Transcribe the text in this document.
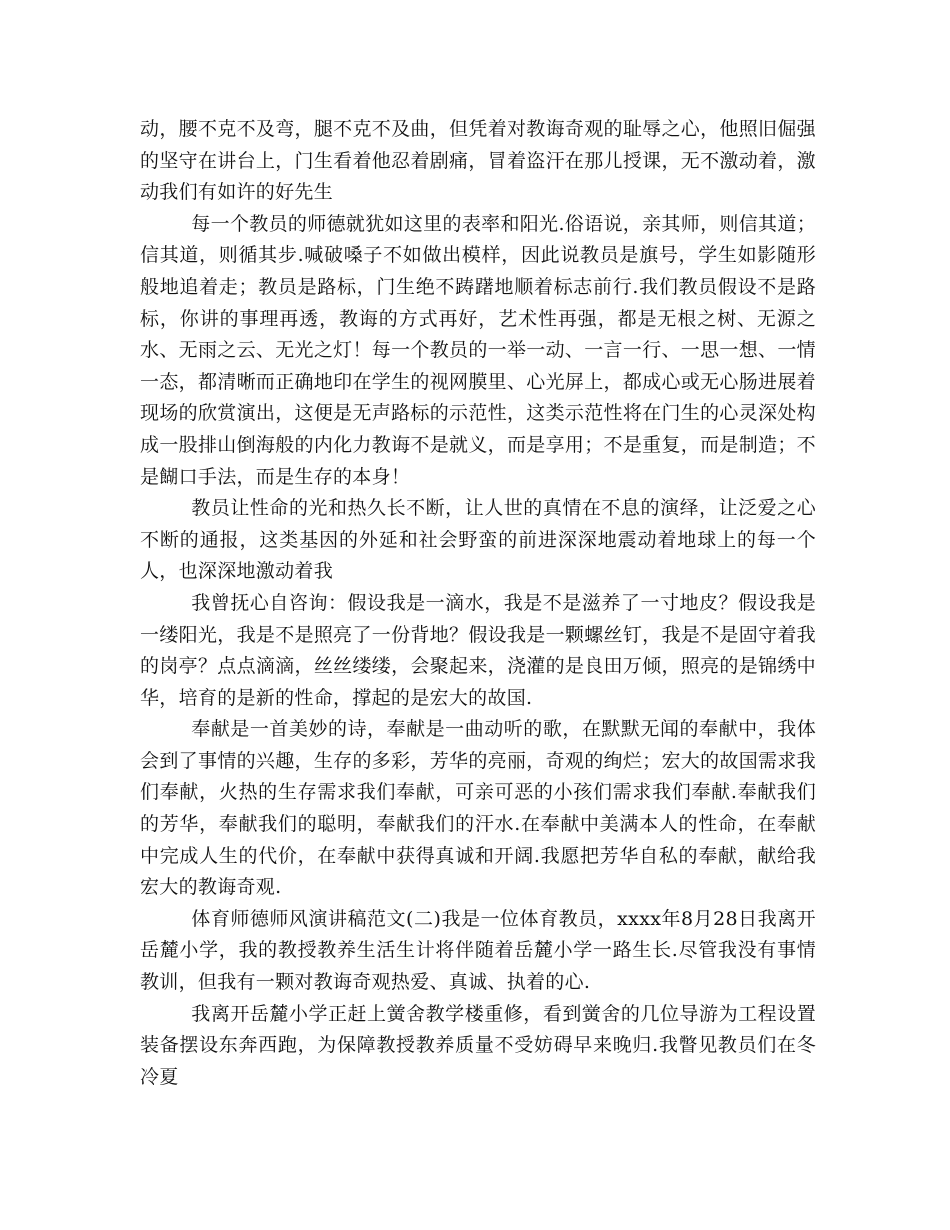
动，腰不克不及弯，腿不克不及曲，但凭着对教诲奇观的耻辱之心，他照旧倔强的坚守在讲台上，门生看着他忍着剧痛，冒着盗汗在那儿授课，无不激动着，激动我们有如许的好先生

每一个教员的师德就犹如这里的表率和阳光.俗语说，亲其师，则信其道；信其道，则循其步.喊破嗓子不如做出模样，因此说教员是旗号，学生如影随形般地追着走；教员是路标，门生绝不踌躇地顺着标志前行.我们教员假设不是路标，你讲的事理再透，教诲的方式再好，艺术性再强，都是无根之树、无源之水、无雨之云、无光之灯！每一个教员的一举一动、一言一行、一思一想、一情一态，都清晰而正确地印在学生的视网膜里、心光屏上，都成心或无心肠进展着现场的欣赏演出，这便是无声路标的示范性，这类示范性将在门生的心灵深处构成一股排山倒海般的内化力教诲不是就义，而是享用；不是重复，而是制造；不是餬口手法，而是生存的本身！

教员让性命的光和热久长不断，让人世的真情在不息的演绎，让泛爱之心不断的通报，这类基因的外延和社会野蛮的前进深深地震动着地球上的每一个人，也深深地激动着我

我曾抚心自咨询：假设我是一滴水，我是不是滋养了一寸地皮？假设我是一缕阳光，我是不是照亮了一份背地？假设我是一颗螺丝钉，我是不是固守着我的岗亭？点点滴滴，丝丝缕缕，会聚起来，浇灌的是良田万倾，照亮的是锦绣中华，培育的是新的性命，撑起的是宏大的故国.

奉献是一首美妙的诗，奉献是一曲动听的歌，在默默无闻的奉献中，我体会到了事情的兴趣，生存的多彩，芳华的亮丽，奇观的绚烂；宏大的故国需求我们奉献，火热的生存需求我们奉献，可亲可恶的小孩们需求我们奉献.奉献我们的芳华，奉献我们的聪明，奉献我们的汗水.在奉献中美满本人的性命，在奉献中完成人生的代价，在奉献中获得真诚和开阔.我愿把芳华自私的奉献，献给我宏大的教诲奇观.

体育师德师风演讲稿范文(二)我是一位体育教员，xxxx年8月28日我离开岳麓小学，我的教授教养生活生计将伴随着岳麓小学一路生长.尽管我没有事情教训，但我有一颗对教诲奇观热爱、真诚、执着的心.

我离开岳麓小学正赶上黉舍教学楼重修，看到黉舍的几位导游为工程设置装备摆设东奔西跑，为保障教授教养质量不受妨碍早来晚归.我瞥见教员们在冬冷夏
